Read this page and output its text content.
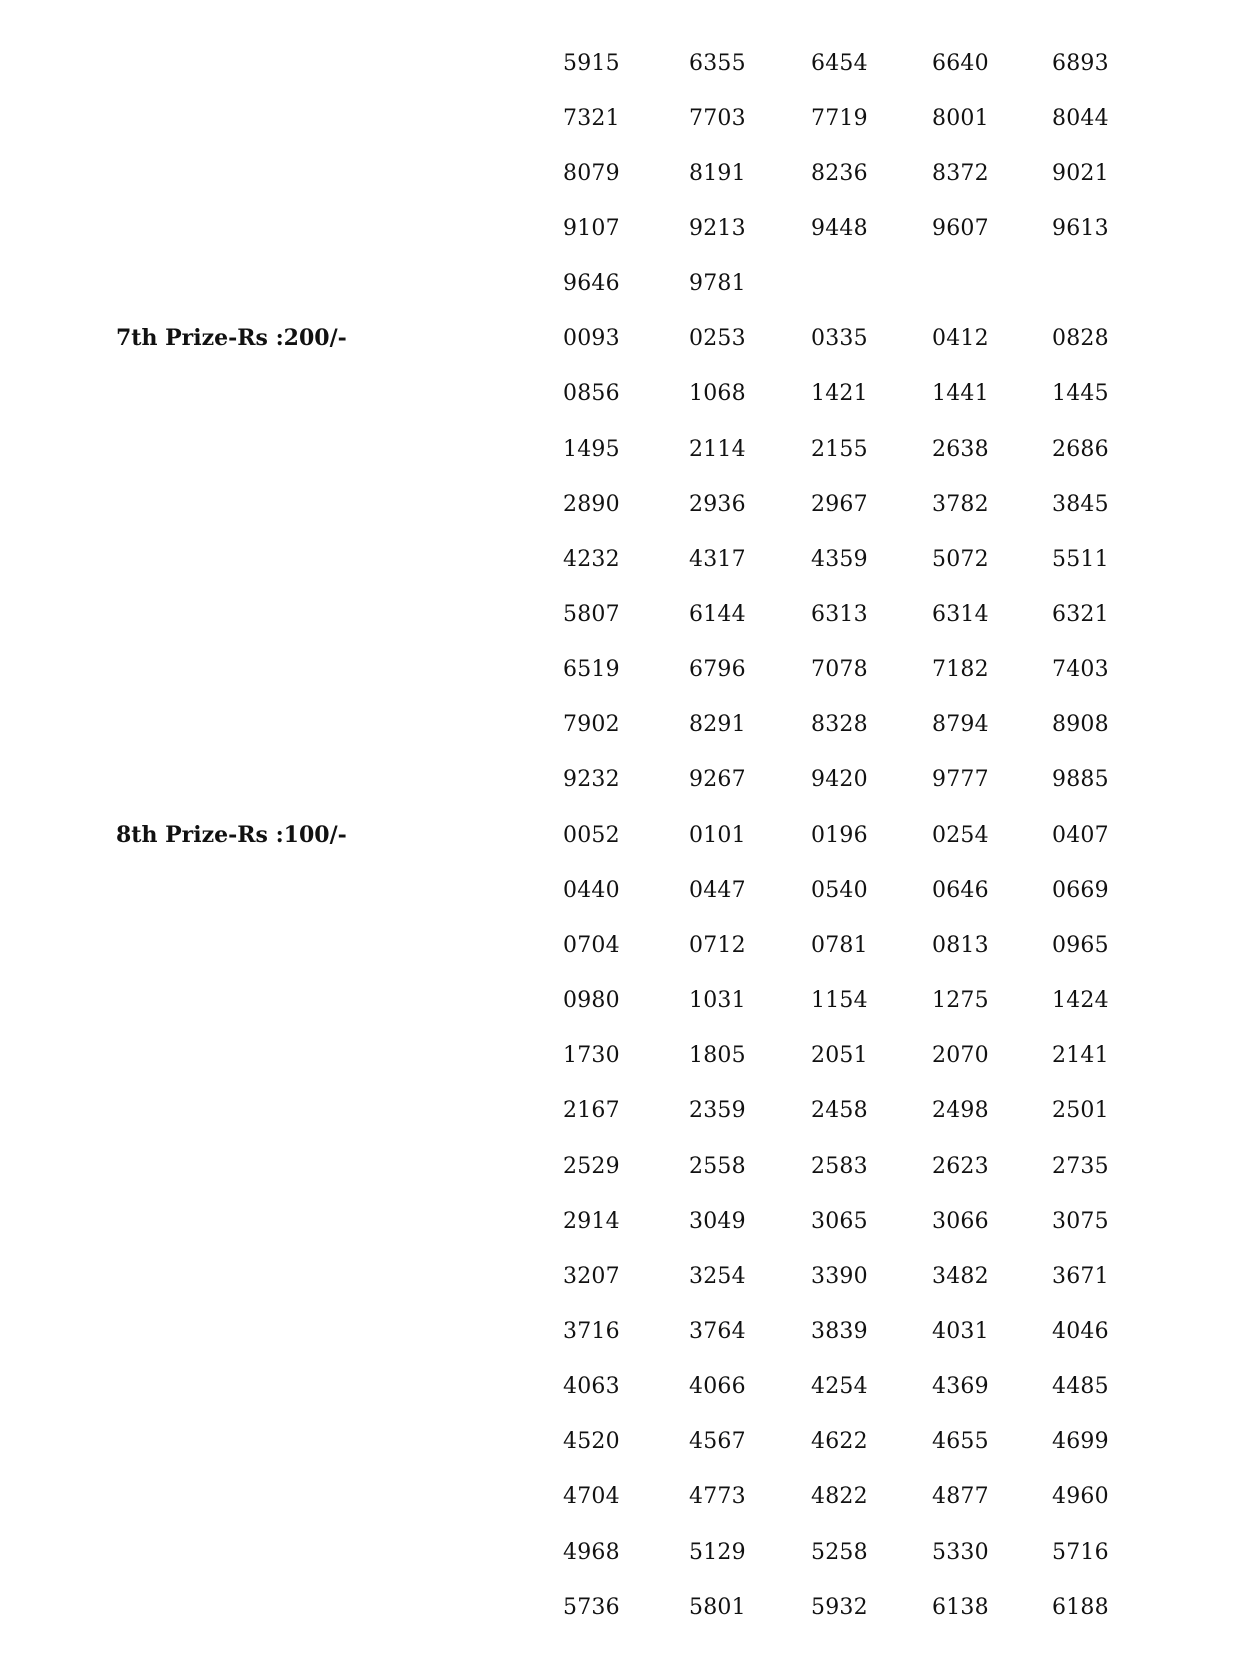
5915	6355	6454	6640	6893
7321	7703	7719	8001	8044
8079	8191	8236	8372	9021
9107	9213	9448	9607	9613
9646	9781
7th Prize-Rs :200/-	0093	0253	0335	0412	0828
0856	1068	1421	1441	1445
1495	2114	2155	2638	2686
2890	2936	2967	3782	3845
4232	4317	4359	5072	5511
5807	6144	6313	6314	6321
6519	6796	7078	7182	7403
7902	8291	8328	8794	8908
9232	9267	9420	9777	9885
8th Prize-Rs :100/-	0052	0101	0196	0254	0407
0440	0447	0540	0646	0669
0704	0712	0781	0813	0965
0980	1031	1154	1275	1424
1730	1805	2051	2070	2141
2167	2359	2458	2498	2501
2529	2558	2583	2623	2735
2914	3049	3065	3066	3075
3207	3254	3390	3482	3671
3716	3764	3839	4031	4046
4063	4066	4254	4369	4485
4520	4567	4622	4655	4699
4704	4773	4822	4877	4960
4968	5129	5258	5330	5716
5736	5801	5932	6138	6188
